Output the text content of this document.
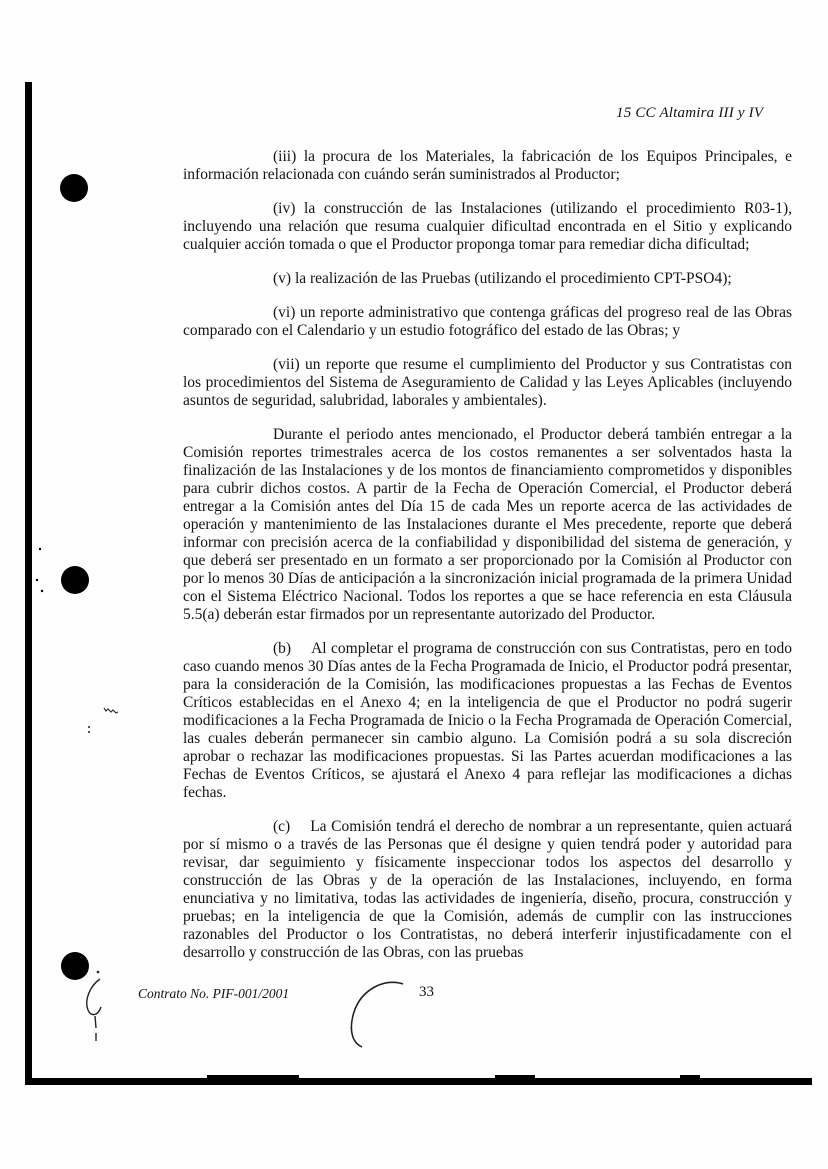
15 CC Altamira III y IV

(iii) la procura de los Materiales, la fabricación de los Equipos Principales, e información relacionada con cuándo serán suministrados al Productor;

(iv) la construcción de las Instalaciones (utilizando el procedimiento R03-1), incluyendo una relación que resuma cualquier dificultad encontrada en el Sitio y explicando cualquier acción tomada o que el Productor proponga tomar para remediar dicha dificultad;

(v) la realización de las Pruebas (utilizando el procedimiento CPT-PSO4);

(vi) un reporte administrativo que contenga gráficas del progreso real de las Obras comparado con el Calendario y un estudio fotográfico del estado de las Obras; y

(vii) un reporte que resume el cumplimiento del Productor y sus Contratistas con los procedimientos del Sistema de Aseguramiento de Calidad y las Leyes Aplicables (incluyendo asuntos de seguridad, salubridad, laborales y ambientales).

Durante el periodo antes mencionado, el Productor deberá también entregar a la Comisión reportes trimestrales acerca de los costos remanentes a ser solventados hasta la finalización de las Instalaciones y de los montos de financiamiento comprometidos y disponibles para cubrir dichos costos. A partir de la Fecha de Operación Comercial, el Productor deberá entregar a la Comisión antes del Día 15 de cada Mes un reporte acerca de las actividades de operación y mantenimiento de las Instalaciones durante el Mes precedente, reporte que deberá informar con precisión acerca de la confiabilidad y disponibilidad del sistema de generación, y que deberá ser presentado en un formato a ser proporcionado por la Comisión al Productor con por lo menos 30 Días de anticipación a la sincronización inicial programada de la primera Unidad con el Sistema Eléctrico Nacional. Todos los reportes a que se hace referencia en esta Cláusula 5.5(a) deberán estar firmados por un representante autorizado del Productor.

(b) Al completar el programa de construcción con sus Contratistas, pero en todo caso cuando menos 30 Días antes de la Fecha Programada de Inicio, el Productor podrá presentar, para la consideración de la Comisión, las modificaciones propuestas a las Fechas de Eventos Críticos establecidas en el Anexo 4; en la inteligencia de que el Productor no podrá sugerir modificaciones a la Fecha Programada de Inicio o la Fecha Programada de Operación Comercial, las cuales deberán permanecer sin cambio alguno. La Comisión podrá a su sola discreción aprobar o rechazar las modificaciones propuestas. Si las Partes acuerdan modificaciones a las Fechas de Eventos Críticos, se ajustará el Anexo 4 para reflejar las modificaciones a dichas fechas.

(c) La Comisión tendrá el derecho de nombrar a un representante, quien actuará por sí mismo o a través de las Personas que él designe y quien tendrá poder y autoridad para revisar, dar seguimiento y físicamente inspeccionar todos los aspectos del desarrollo y construcción de las Obras y de la operación de las Instalaciones, incluyendo, en forma enunciativa y no limitativa, todas las actividades de ingeniería, diseño, procura, construcción y pruebas; en la inteligencia de que la Comisión, además de cumplir con las instrucciones razonables del Productor o los Contratistas, no deberá interferir injustificadamente con el desarrollo y construcción de las Obras, con las pruebas

Contrato No. PIF-001/2001	33
